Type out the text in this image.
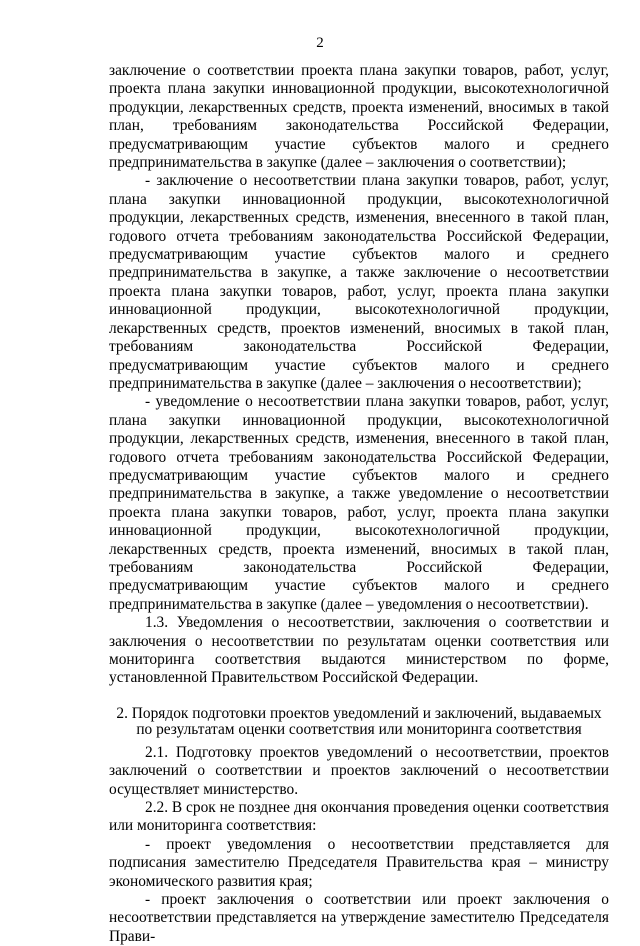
2

заключение о соответствии проекта плана закупки товаров, работ, услуг, проекта плана закупки инновационной продукции, высокотехнологичной продукции, лекарственных средств, проекта изменений, вносимых в такой план, требованиям законодательства Российской Федерации, предусматривающим участие субъектов малого и среднего предпринимательства в закупке (далее – заключения о соответствии);

- заключение о несоответствии плана закупки товаров, работ, услуг, плана закупки инновационной продукции, высокотехнологичной продукции, лекарственных средств, изменения, внесенного в такой план, годового отчета требованиям законодательства Российской Федерации, предусматривающим участие субъектов малого и среднего предпринимательства в закупке, а также заключение о несоответствии проекта плана закупки товаров, работ, услуг, проекта плана закупки инновационной продукции, высокотехнологичной продукции, лекарственных средств, проектов изменений, вносимых в такой план, требованиям законодательства Российской Федерации, предусматривающим участие субъектов малого и среднего предпринимательства в закупке (далее – заключения о несоответствии);

- уведомление о несоответствии плана закупки товаров, работ, услуг, плана закупки инновационной продукции, высокотехнологичной продукции, лекарственных средств, изменения, внесенного в такой план, годового отчета требованиям законодательства Российской Федерации, предусматривающим участие субъектов малого и среднего предпринимательства в закупке, а также уведомление о несоответствии проекта плана закупки товаров, работ, услуг, проекта плана закупки инновационной продукции, высокотехнологичной продукции, лекарственных средств, проекта изменений, вносимых в такой план, требованиям законодательства Российской Федерации, предусматривающим участие субъектов малого и среднего предпринимательства в закупке (далее – уведомления о несоответствии).

1.3. Уведомления о несоответствии, заключения о соответствии и заключения о несоответствии по результатам оценки соответствия или мониторинга соответствия выдаются министерством по форме, установленной Правительством Российской Федерации.

2. Порядок подготовки проектов уведомлений и заключений, выдаваемых по результатам оценки соответствия или мониторинга соответствия

2.1. Подготовку проектов уведомлений о несоответствии, проектов заключений о соответствии и проектов заключений о несоответствии осуществляет министерство.

2.2. В срок не позднее дня окончания проведения оценки соответствия или мониторинга соответствия:

- проект уведомления о несоответствии представляется для подписания заместителю Председателя Правительства края – министру экономического развития края;

- проект заключения о соответствии или проект заключения о несоответствии представляется на утверждение заместителю Председателя Прави-
